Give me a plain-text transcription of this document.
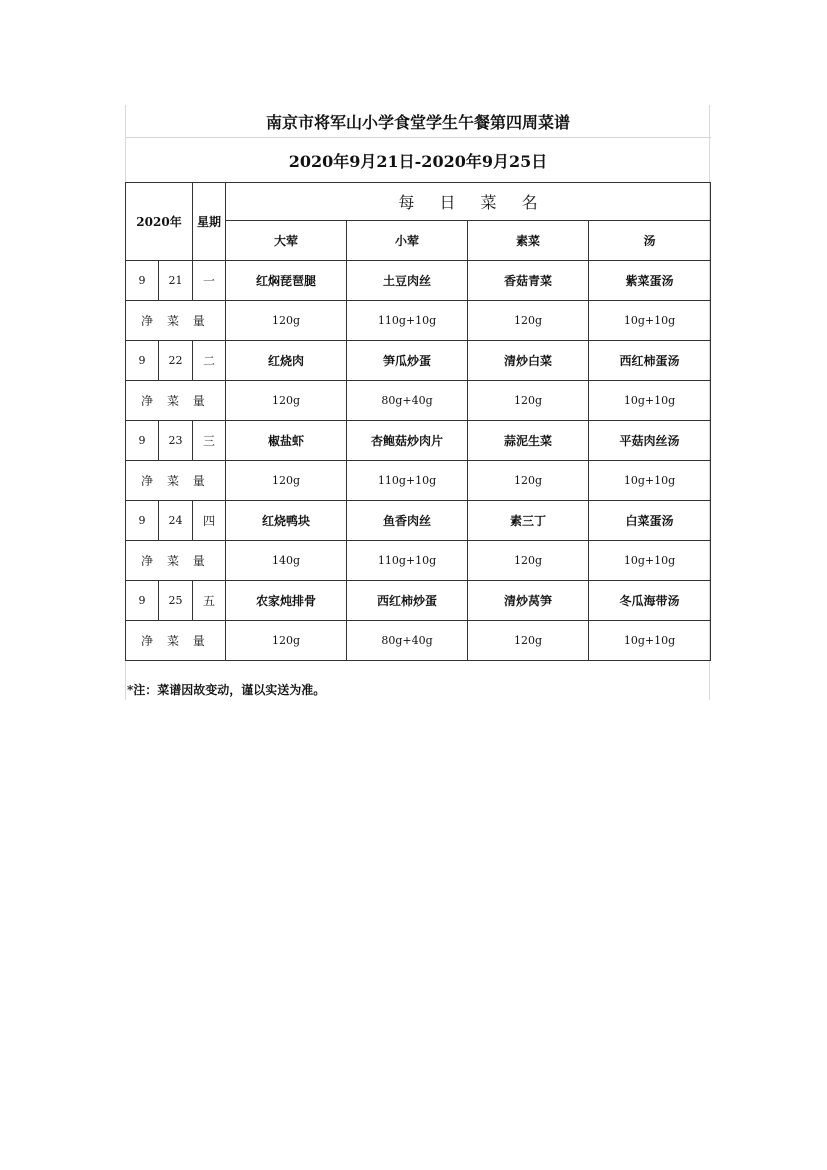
南京市将军山小学食堂学生午餐第四周菜谱
2020年9月21日-2020年9月25日
2020年		星期	每 日 菜 名			
			大荤	小荤	素菜	汤
9	21	一	红焖琵琶腿	土豆肉丝	香菇青菜	紫菜蛋汤
净 菜 量			120g	110g+10g	120g	10g+10g
9	22	二	红烧肉	笋瓜炒蛋	清炒白菜	西红柿蛋汤
净 菜 量			120g	80g+40g	120g	10g+10g
9	23	三	椒盐虾	杏鲍菇炒肉片	蒜泥生菜	平菇肉丝汤
净 菜 量			120g	110g+10g	120g	10g+10g
9	24	四	红烧鸭块	鱼香肉丝	素三丁	白菜蛋汤
净 菜 量			140g	110g+10g	120g	10g+10g
9	25	五	农家炖排骨	西红柿炒蛋	清炒莴笋	冬瓜海带汤
净 菜 量			120g	80g+40g	120g	10g+10g
*注：菜谱因故变动，谨以实送为准。
